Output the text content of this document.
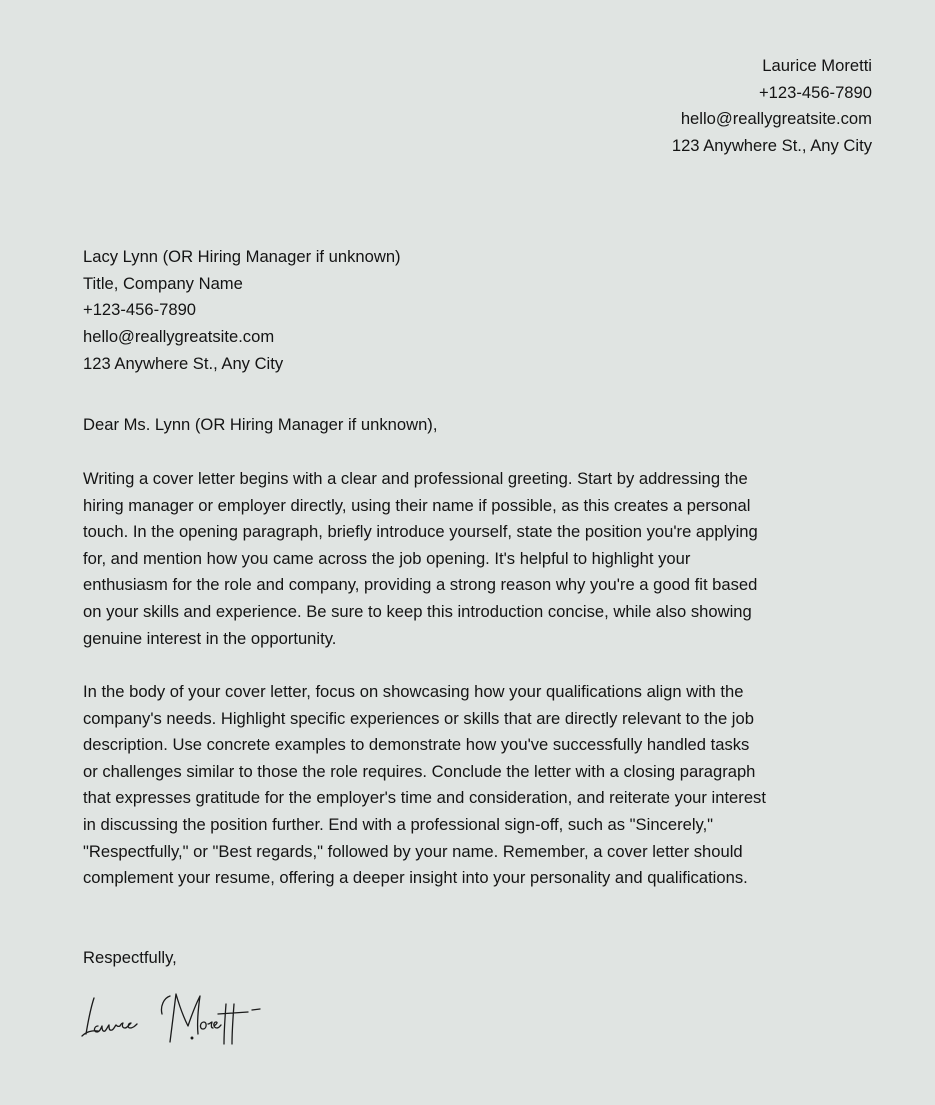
Laurice Moretti
+123-456-7890
hello@reallygreatsite.com
123 Anywhere St., Any City
Lacy Lynn (OR Hiring Manager if unknown)
Title, Company Name
+123-456-7890
hello@reallygreatsite.com
123 Anywhere St., Any City
Dear Ms. Lynn (OR Hiring Manager if unknown),
Writing a cover letter begins with a clear and professional greeting. Start by addressing the
hiring manager or employer directly, using their name if possible, as this creates a personal
touch. In the opening paragraph, briefly introduce yourself, state the position you're applying
for, and mention how you came across the job opening. It's helpful to highlight your
enthusiasm for the role and company, providing a strong reason why you're a good fit based
on your skills and experience. Be sure to keep this introduction concise, while also showing
genuine interest in the opportunity.
In the body of your cover letter, focus on showcasing how your qualifications align with the
company's needs. Highlight specific experiences or skills that are directly relevant to the job
description. Use concrete examples to demonstrate how you've successfully handled tasks
or challenges similar to those the role requires. Conclude the letter with a closing paragraph
that expresses gratitude for the employer's time and consideration, and reiterate your interest
in discussing the position further. End with a professional sign-off, such as "Sincerely,"
"Respectfully," or "Best regards," followed by your name. Remember, a cover letter should
complement your resume, offering a deeper insight into your personality and qualifications.
Respectfully,
